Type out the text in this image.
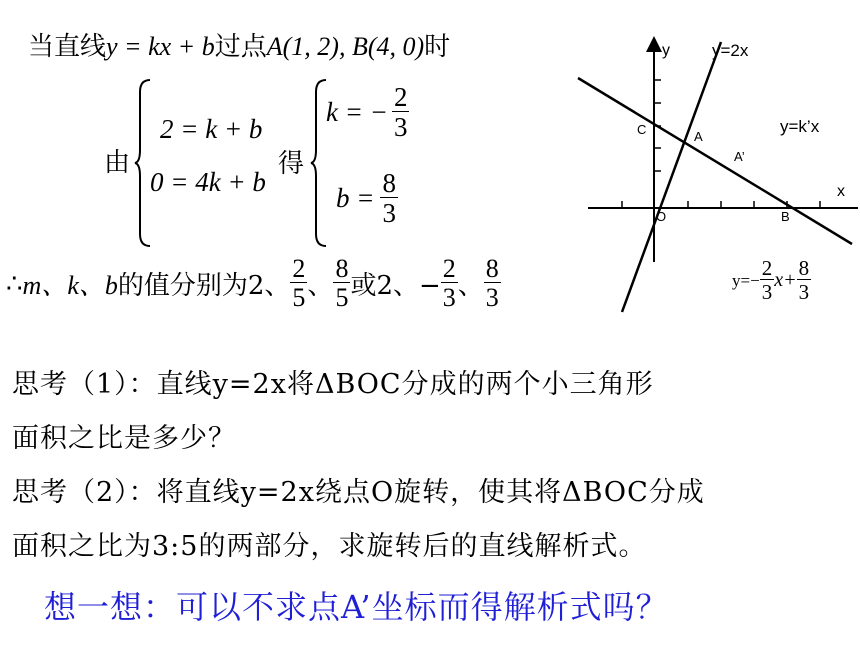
当直线y = kx + b过点A(1, 2), B(4, 0)时
由
2 = k + b
0 = 4k + b
得
k = − $\frac{2}{3}$
$b = \frac{8}{3}$
∴ m、k、b 的值分别为2、 $\frac{2}{5}$ 、 $\frac{8}{5}$ 或2、− $\frac{2}{3}$ 、 $\frac{8}{3}$
y y=2x
y=k’x
C	A
A’
x
O	B
$y=- \frac{2}{3} x+ \frac{8}{3}$
思考（1）：直线y=2x将ΔBOC分成的两个小三角形
面积之比是多少？
思考（2）：将直线y=2x绕点O旋转，使其将ΔBOC分成
面积之比为3:5的两部分，求旋转后的直线解析式。
想一想：可以不求点A’坐标而得解析式吗？
